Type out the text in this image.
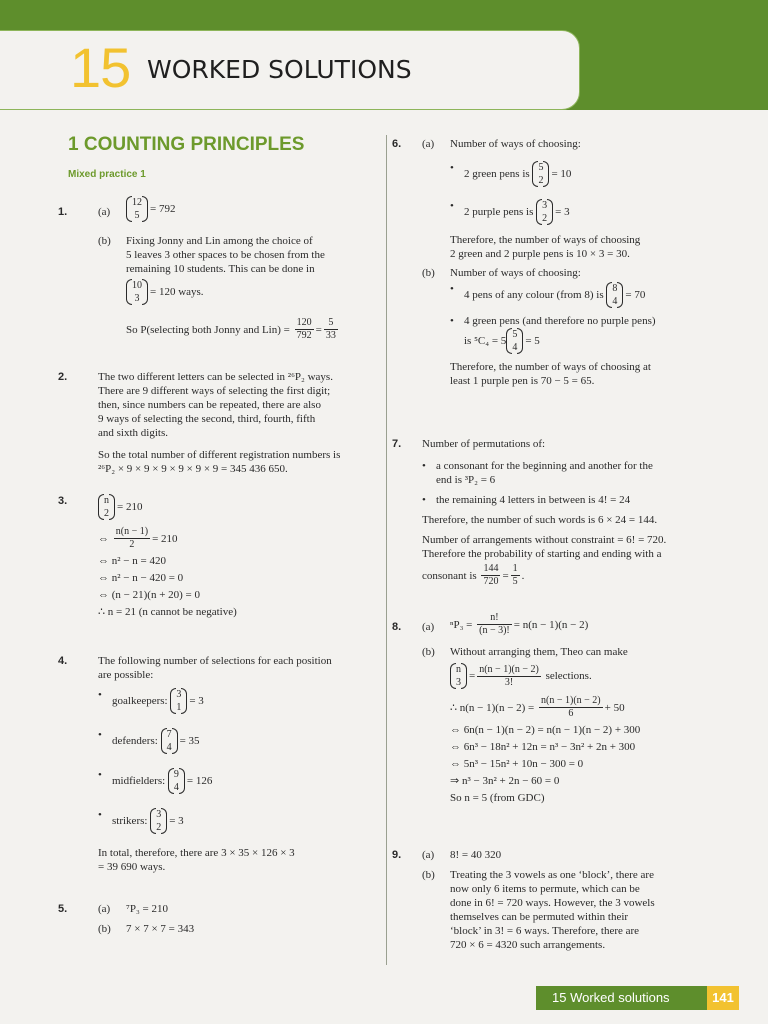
15 WORKED SOLUTIONS
1 COUNTING PRINCIPLES
Mixed practice 1
1.	(a)
12
5
= 792
(b) Fixing Jonny and Lin among the choice of
5 leaves 3 other spaces to be chosen from the
remaining 10 students. This can be done in
10
3
= 120 ways.
So P(selecting both Jonny and $Lin) = \frac{120}{792} = \frac{5}{33}$
2.	The two different letters can be selected in ²⁶P₂ ways.
There are 9 different ways of selecting the first digit;
then, since numbers can be repeated, there are also
9 ways of selecting the second, third, fourth, fifth
and sixth digits.
So the total number of different registration numbers is
²⁶P₂ × 9 × 9 × 9 × 9 × 9 × 9 = 345 436 650.
3.	n
2
= 210
⇔ $\frac{n(n - 1)}{2} = 210$
⇔ n² − n = 420
⇔ n² − n − 420 = 0
⇔ (n − 21)(n + 20) = 0
∴ n = 21 (n cannot be negative)
4.	The following number of selections for each position
are possible:
• goalkeepers:
3
1
= 3
• defenders:
7
4
= 35
• midfielders:
9
4
= 126
• strikers:
3
2
= 3
In total, therefore, there are 3 × 35 × 126 × 3
= 39 690 ways.
5.	(a) ⁷P₃ = 210
(b) 7 × 7 × 7 = 343
6. (a) Number of ways of choosing:
• 2 green pens is
5
2
= 10
• 2 purple pens is
3
2
= 3
Therefore, the number of ways of choosing
2 green and 2 purple pens is 10 × 3 = 30.
(b) Number of ways of choosing:
• 4 pens of any colour (from 8) is
8
4
= 70
• 4 green pens (and therefore no purple pens)
is ⁵C₄ = 5
5
4
= 5
Therefore, the number of ways of choosing at
least 1 purple pen is 70 − 5 = 65.
7. Number of permutations of:
• a consonant for the beginning and another for the
end is ³P₂ = 6
• the remaining 4 letters in between is 4! = 24
Therefore, the number of such words is 6 × 24 = 144.
Number of arrangements without constraint = 6! = 720.
Therefore the probability of starting and ending with a
consonant is $\frac{144}{720} = \frac{1}{5}$ .
8. (a)	$^nP_3 = \frac{n!}{(n - 3)!} = n(n - 1)(n - 2)$
(b) Without arranging them, Theo can make
n
3
= $\frac{n(n - 1)(n - 2)}{3!}$ selections.
∴ $n(n - 1)(n - 2) = \frac{n(n - 1)(n - 2)}{6} + 50$
⇔ 6n(n − 1)(n − 2) = n(n − 1)(n − 2) + 300
⇔ 6n³ − 18n² + 12n = n³ − 3n² + 2n + 300
⇔ 5n³ − 15n² + 10n − 300 = 0
⇒ n³ − 3n² + 2n − 60 = 0
So n = 5 (from GDC)
9. (a) 8! = 40 320
(b) Treating the 3 vowels as one ‘block’, there are
now only 6 items to permute, which can be
done in 6! = 720 ways. However, the 3 vowels
themselves can be permuted within their
‘block’ in 3! = 6 ways. Therefore, there are
720 × 6 = 4320 such arrangements.
15 Worked solutions	141
